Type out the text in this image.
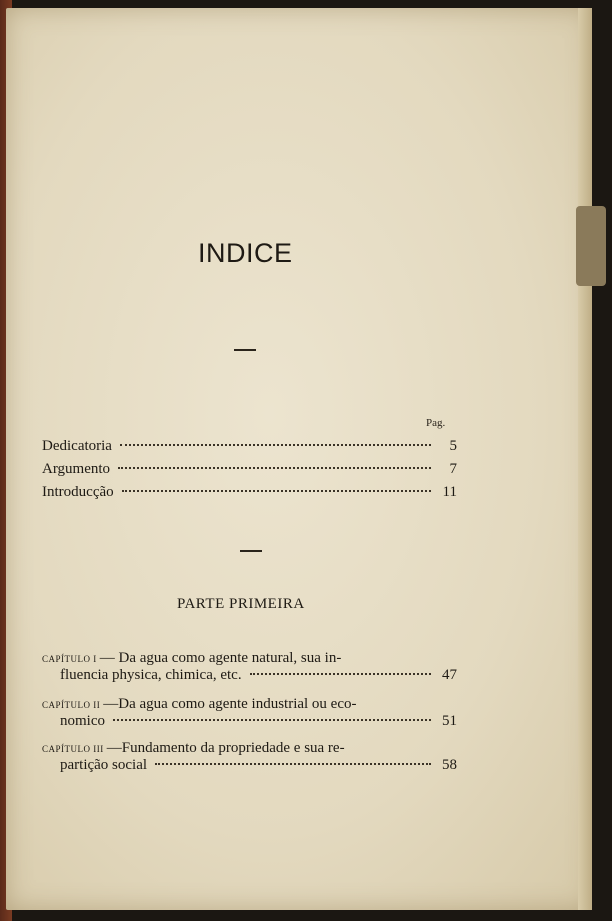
INDICE
Pag.
Dedicatoria	5
Argumento	7
Introducção	11
PARTE PRIMEIRA
CAPÍTULO I — Da agua como agente natural, sua in-
fluencia physica, chimica, etc.	47
CAPÍTULO II —Da agua como agente industrial ou eco-
nomico	51
CAPÍTULO III —Fundamento da propriedade e sua re-
partição social	58
